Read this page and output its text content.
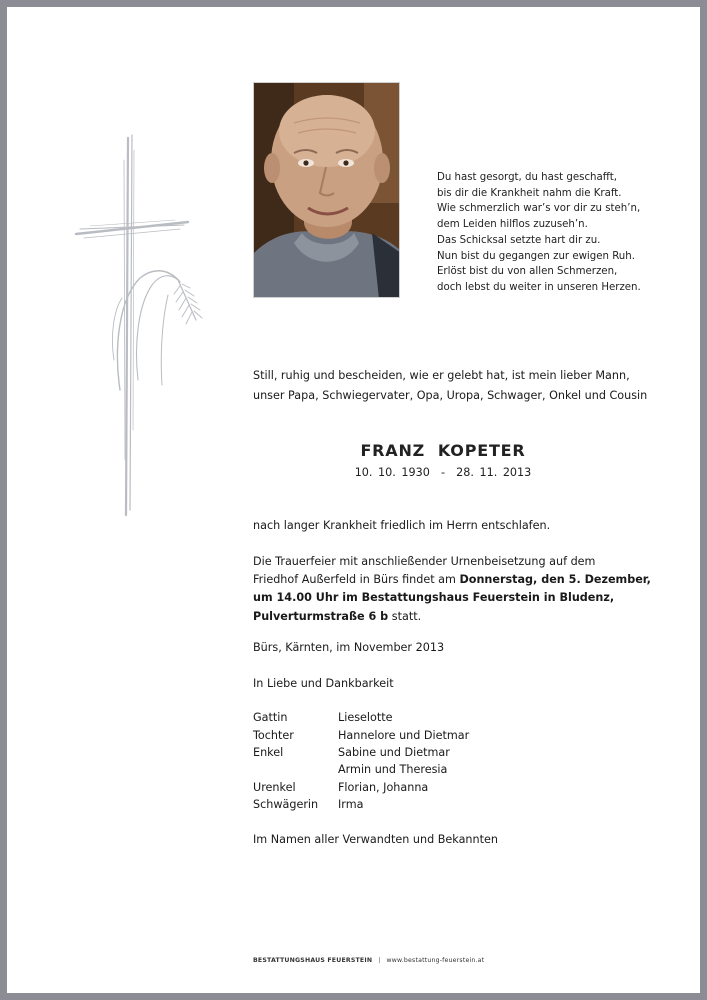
Du hast gesorgt, du hast geschafft,
bis dir die Krankheit nahm die Kraft.
Wie schmerzlich war’s vor dir zu steh’n,
dem Leiden hilflos zuzuseh’n.
Das Schicksal setzte hart dir zu.
Nun bist du gegangen zur ewigen Ruh.
Erlöst bist du von allen Schmerzen,
doch lebst du weiter in unseren Herzen.
Still, ruhig und bescheiden, wie er gelebt hat, ist mein lieber Mann,
unser Papa, Schwiegervater, Opa, Uropa, Schwager, Onkel und Cousin
FRANZ  KOPETER
10. 10. 1930  -  28. 11. 2013
nach langer Krankheit friedlich im Herrn entschlafen.
Die Trauerfeier mit anschließender Urnenbeisetzung auf dem
Friedhof Außerfeld in Bürs findet am Donnerstag, den 5. Dezember,
um 14.00 Uhr im Bestattungshaus Feuerstein in Bludenz,
Pulverturmstraße 6 b statt.
Bürs, Kärnten, im November 2013
In Liebe und Dankbarkeit
Gattin	Lieselotte
Tochter	Hannelore und Dietmar
Enkel	Sabine und Dietmar
Armin und Theresia
Urenkel	Florian, Johanna
Schwägerin	Irma
Im Namen aller Verwandten und Bekannten
BESTATTUNGSHAUS FEUERSTEIN | www.bestattung-feuerstein.at
